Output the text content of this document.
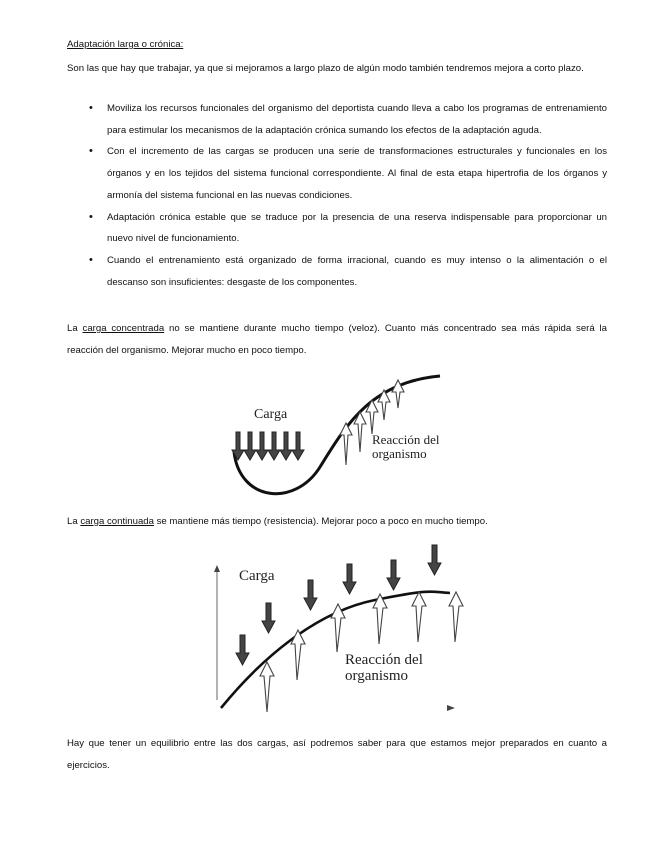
Adaptación larga o crónica:

Son las que hay que trabajar, ya que si mejoramos a largo plazo de algún modo también tendremos mejora a corto plazo.

• Moviliza los recursos funcionales del organismo del deportista cuando lleva a cabo los programas de entrenamiento para estimular los mecanismos de la adaptación crónica sumando los efectos de la adaptación aguda.
• Con el incremento de las cargas se producen una serie de transformaciones estructurales y funcionales en los órganos y en los tejidos del sistema funcional correspondiente. Al final de esta etapa hipertrofia de los órganos y armonía del sistema funcional en las nuevas condiciones.
• Adaptación crónica estable que se traduce por la presencia de una reserva indispensable para proporcionar un nuevo nivel de funcionamiento.
• Cuando el entrenamiento está organizado de forma irracional, cuando es muy intenso o la alimentación o el descanso son insuficientes: desgaste de los componentes.

La carga concentrada no se mantiene durante mucho tiempo (veloz). Cuanto más concentrado sea más rápida será la reacción del organismo. Mejorar mucho en poco tiempo.

Carga
Reacción del
organismo

La carga continuada se mantiene más tiempo (resistencia). Mejorar poco a poco en mucho tiempo.

Carga
Reacción del
organismo

Hay que tener un equilibrio entre las dos cargas, así podremos saber para que estamos mejor preparados en cuanto a ejercicios.
